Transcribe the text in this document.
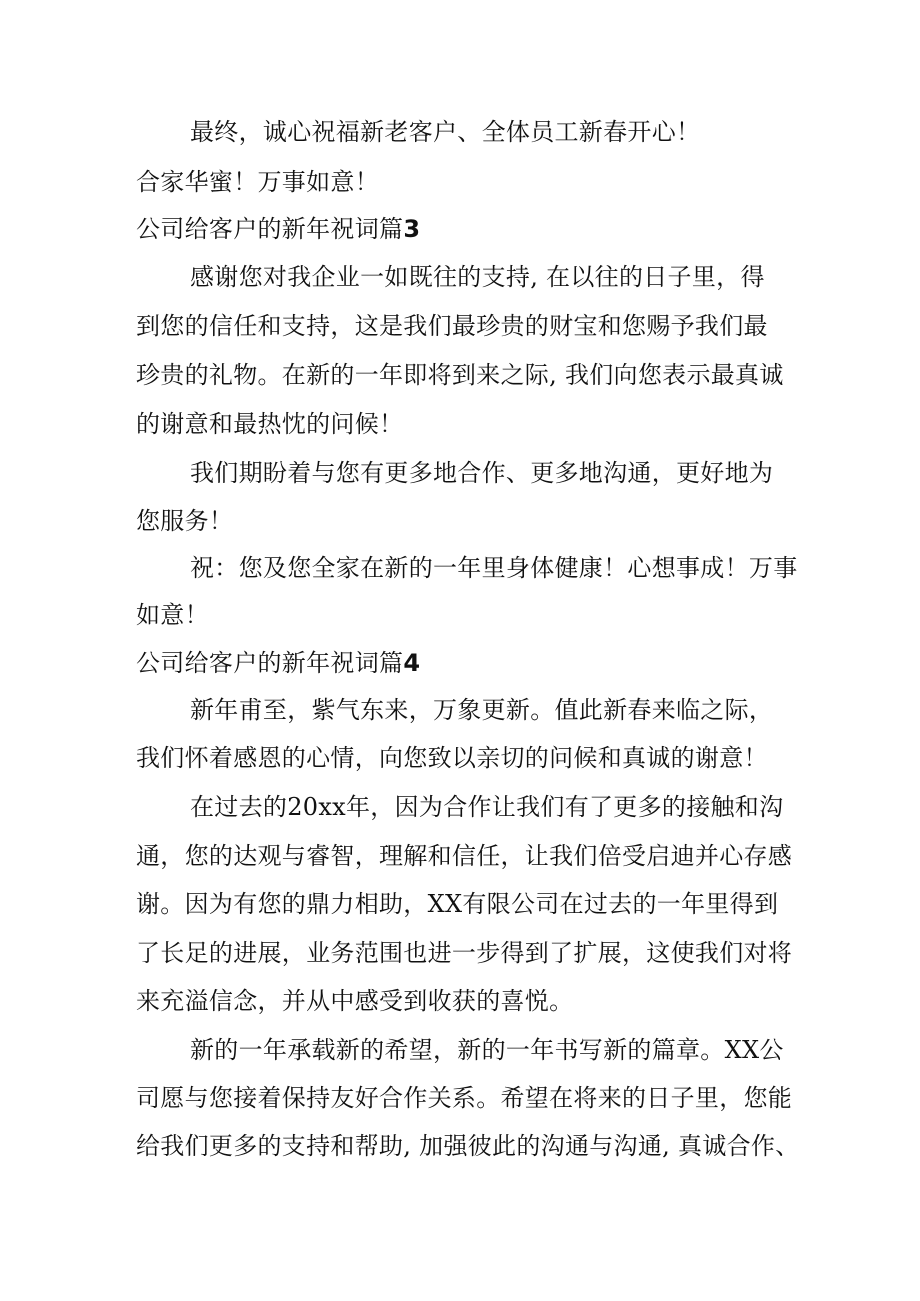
最终，诚心祝福新老客户、全体员工新春开心！
合家华蜜！万事如意！
公司给客户的新年祝词篇3
感谢您对我企业一如既往的支持, 在以往的日子里，得
到您的信任和支持，这是我们最珍贵的财宝和您赐予我们最
珍贵的礼物。在新的一年即将到来之际, 我们向您表示最真诚
的谢意和最热忱的问候！
我们期盼着与您有更多地合作、更多地沟通，更好地为
您服务！
祝：您及您全家在新的一年里身体健康！心想事成！万事
如意！
公司给客户的新年祝词篇4
新年甫至，紫气东来，万象更新。值此新春来临之际，
我们怀着感恩的心情，向您致以亲切的问候和真诚的谢意！
在过去的20xx年，因为合作让我们有了更多的接触和沟
通，您的达观与睿智，理解和信任，让我们倍受启迪并心存感
谢。因为有您的鼎力相助，XX有限公司在过去的一年里得到
了长足的进展，业务范围也进一步得到了扩展，这使我们对将
来充溢信念，并从中感受到收获的喜悦。
新的一年承载新的希望，新的一年书写新的篇章。XX公
司愿与您接着保持友好合作关系。希望在将来的日子里，您能
给我们更多的支持和帮助, 加强彼此的沟通与沟通, 真诚合作、
